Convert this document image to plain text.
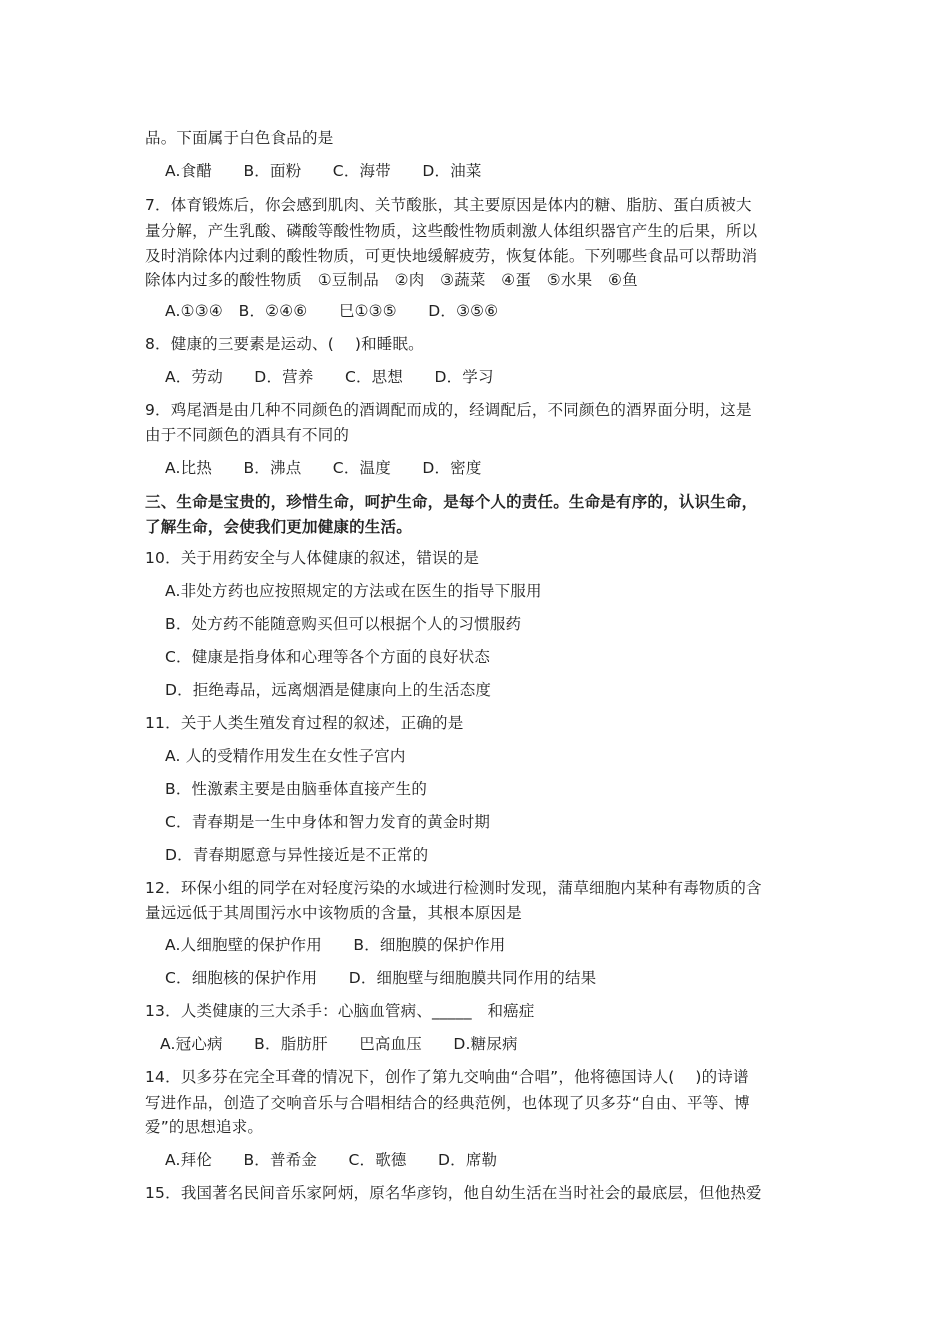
品。下面属于白色食品的是
A.食醋　　B．面粉　　C．海带　　D．油菜
7．体育锻炼后，你会感到肌肉、关节酸胀，其主要原因是体内的糖、脂肪、蛋白质被大
量分解，产生乳酸、磷酸等酸性物质，这些酸性物质刺激人体组织器官产生的后果，所以
及时消除体内过剩的酸性物质，可更快地缓解疲劳，恢复体能。下列哪些食品可以帮助消
除体内过多的酸性物质　①豆制品　②肉　③蔬菜　④蛋　⑤水果　⑥鱼
A.①③④　B．②④⑥　　巳①③⑤　　D．③⑤⑥
8．健康的三要素是运动、(　 )和睡眠。
A．劳动　　D．营养　　C．思想　　D．学习
9．鸡尾酒是由几种不同颜色的酒调配而成的，经调配后，不同颜色的酒界面分明，这是
由于不同颜色的酒具有不同的
A.比热　　B．沸点　　C．温度　　D．密度
三、生命是宝贵的，珍惜生命，呵护生命，是每个人的责任。生命是有序的，认识生命，
了解生命，会使我们更加健康的生活。
10．关于用药安全与人体健康的叙述，错误的是
A.非处方药也应按照规定的方法或在医生的指导下服用
B．处方药不能随意购买但可以根据个人的习惯服药
C．健康是指身体和心理等各个方面的良好状态
D．拒绝毒品，远离烟酒是健康向上的生活态度
11．关于人类生殖发育过程的叙述，正确的是
A. 人的受精作用发生在女性子宫内
B．性激素主要是由脑垂体直接产生的
C．青春期是一生中身体和智力发育的黄金时期
D．青春期愿意与异性接近是不正常的
12．环保小组的同学在对轻度污染的水域进行检测时发现，蒲草细胞内某种有毒物质的含
量远远低于其周围污水中该物质的含量，其根本原因是
A.人细胞壁的保护作用　　B．细胞膜的保护作用
C．细胞核的保护作用　　D．细胞壁与细胞膜共同作用的结果
13．人类健康的三大杀手：心脑血管病、_____　和癌症
A.冠心病　　B．脂肪肝　　巴高血压　　D.糖尿病
14．贝多芬在完全耳聋的情况下，创作了第九交响曲“合唱”，他将德国诗人(　 )的诗谱
写进作品，创造了交响音乐与合唱相结合的经典范例，也体现了贝多芬“自由、平等、博
爱”的思想追求。
A.拜伦　　B．普希金　　C．歌德　　D．席勒
15．我国著名民间音乐家阿炳，原名华彦钧，他自幼生活在当时社会的最底层，但他热爱
